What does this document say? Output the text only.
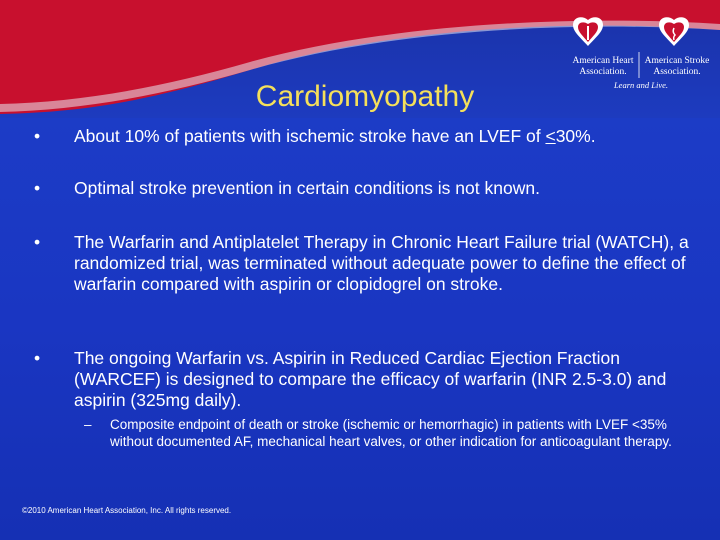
Cardiomyopathy
American Heart
Association.
American Stroke
Association.
Learn and Live.
• About 10% of patients with ischemic stroke have an LVEF of <30%.
• Optimal stroke prevention in certain conditions is not known.
• The Warfarin and Antiplatelet Therapy in Chronic Heart Failure trial (WATCH), a randomized trial, was terminated without adequate power to define the effect of warfarin compared with aspirin or clopidogrel on stroke.
• The ongoing Warfarin vs. Aspirin in Reduced Cardiac Ejection Fraction (WARCEF) is designed to compare the efficacy of warfarin (INR 2.5-3.0) and aspirin (325mg daily).
– Composite endpoint of death or stroke (ischemic or hemorrhagic) in patients with LVEF <35% without documented AF, mechanical heart valves, or other indication for anticoagulant therapy.
©2010 American Heart Association, Inc. All rights reserved.
